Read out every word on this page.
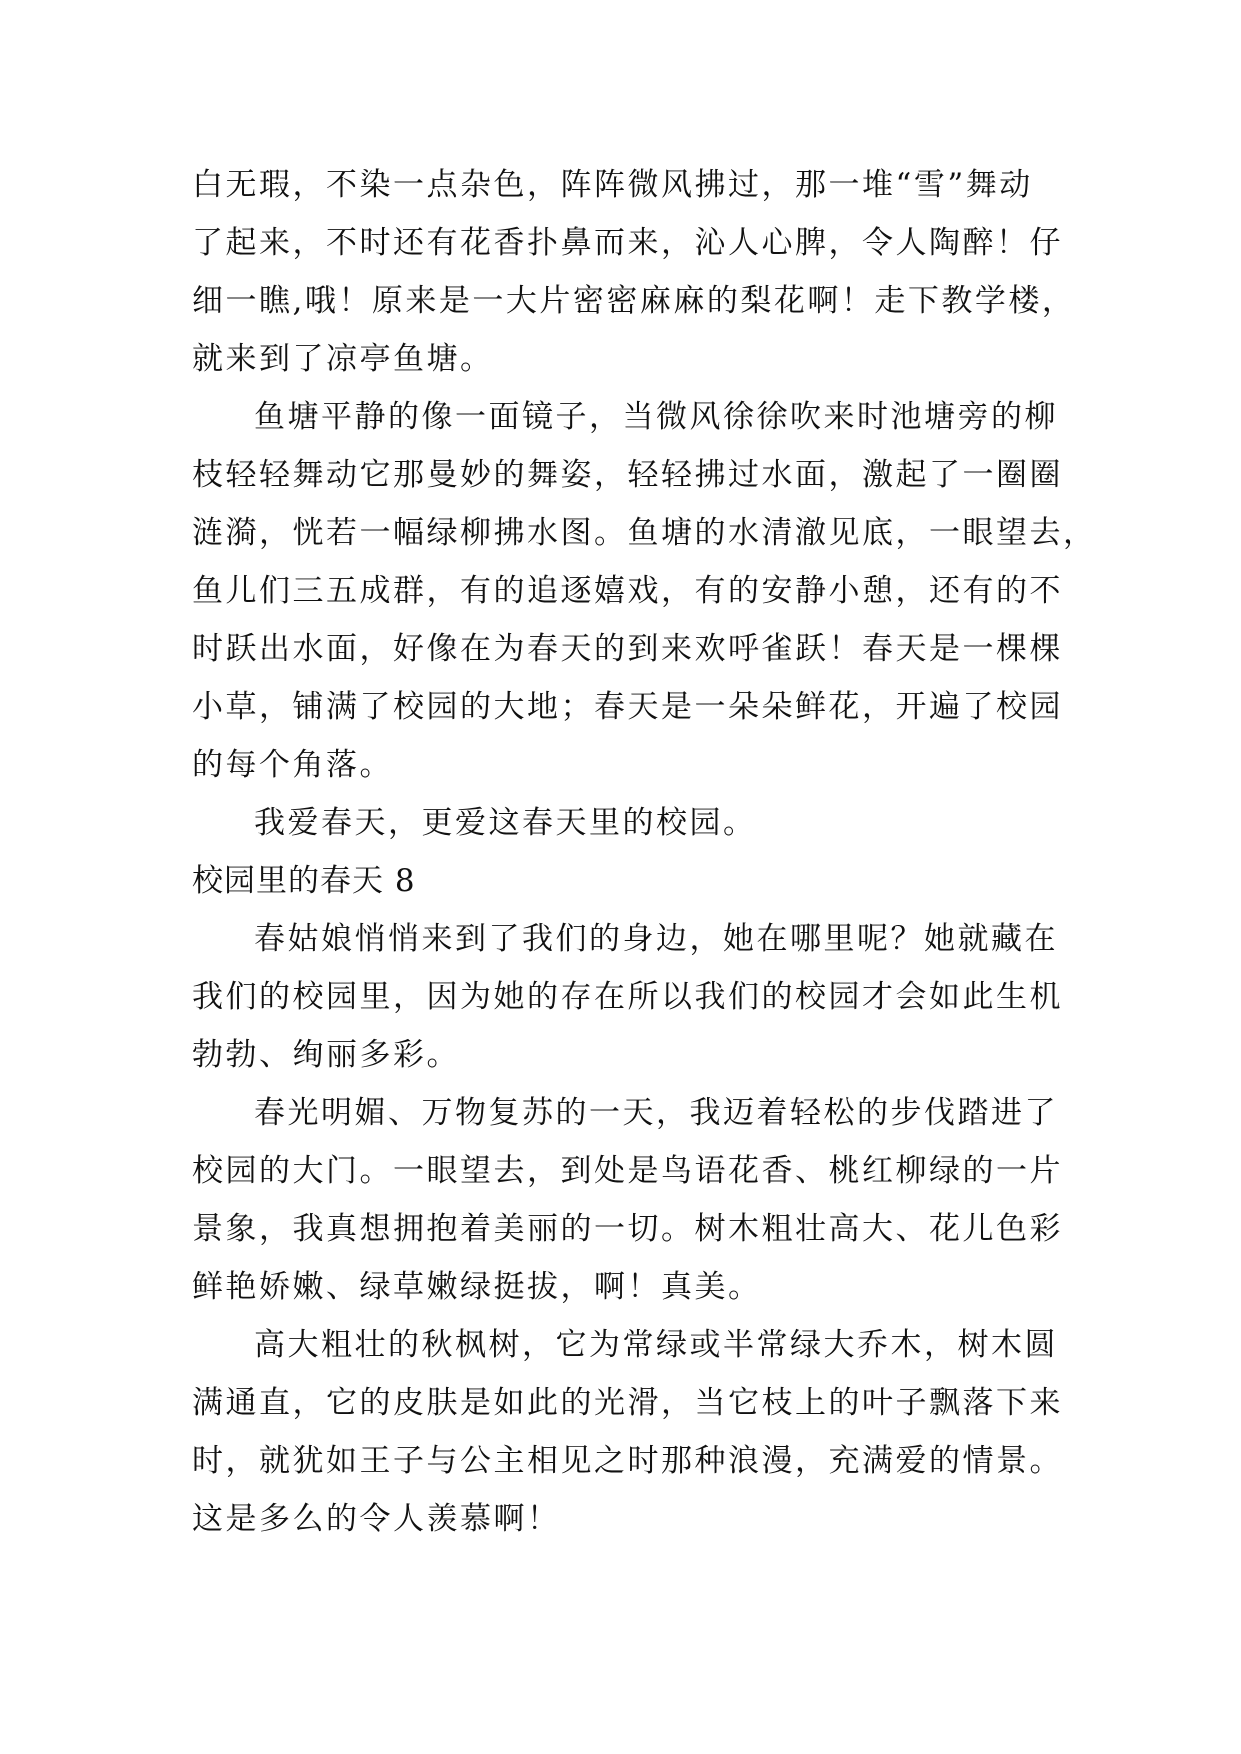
白无瑕，不染一点杂色，阵阵微风拂过，那一堆“雪”舞动
了起来，不时还有花香扑鼻而来，沁人心脾，令人陶醉！仔
细一瞧,哦！原来是一大片密密麻麻的梨花啊！走下教学楼，
就来到了凉亭鱼塘。
鱼塘平静的像一面镜子，当微风徐徐吹来时池塘旁的柳
枝轻轻舞动它那曼妙的舞姿，轻轻拂过水面，激起了一圈圈
涟漪，恍若一幅绿柳拂水图。鱼塘的水清澈见底，一眼望去，
鱼儿们三五成群，有的追逐嬉戏，有的安静小憩，还有的不
时跃出水面，好像在为春天的到来欢呼雀跃！春天是一棵棵
小草，铺满了校园的大地；春天是一朵朵鲜花，开遍了校园
的每个角落。
我爱春天，更爱这春天里的校园。
校园里的春天 8
春姑娘悄悄来到了我们的身边，她在哪里呢？她就藏在
我们的校园里，因为她的存在所以我们的校园才会如此生机
勃勃、绚丽多彩。
春光明媚、万物复苏的一天，我迈着轻松的步伐踏进了
校园的大门。一眼望去，到处是鸟语花香、桃红柳绿的一片
景象，我真想拥抱着美丽的一切。树木粗壮高大、花儿色彩
鲜艳娇嫩、绿草嫩绿挺拔，啊！真美。
高大粗壮的秋枫树，它为常绿或半常绿大乔木，树木圆
满通直，它的皮肤是如此的光滑，当它枝上的叶子飘落下来
时，就犹如王子与公主相见之时那种浪漫，充满爱的情景。
这是多么的令人羡慕啊！
